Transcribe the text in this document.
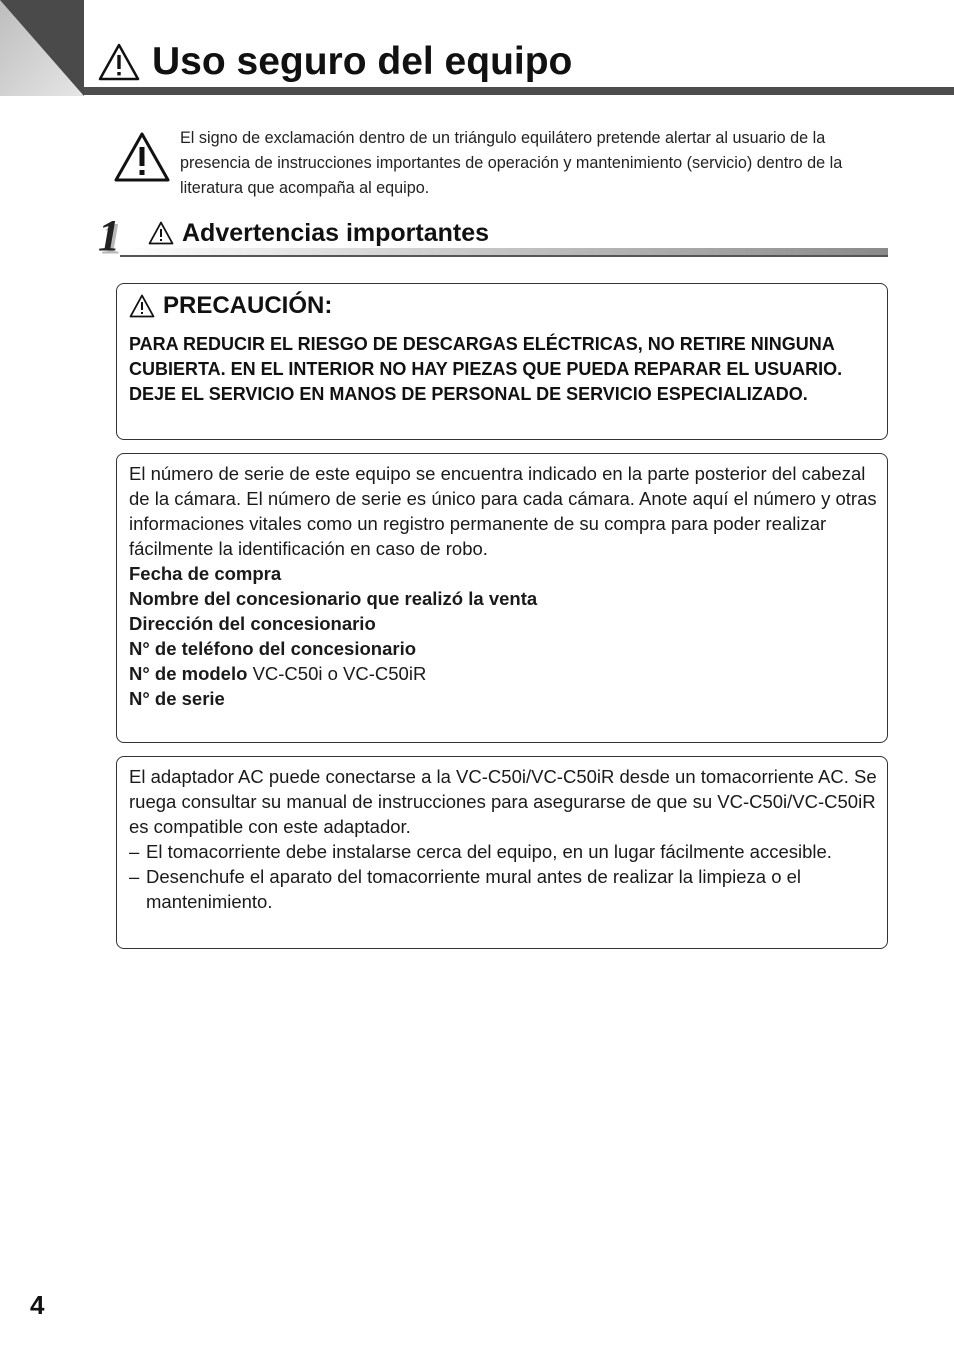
Uso seguro del equipo

El signo de exclamación dentro de un triángulo equilátero pretende alertar al usuario de la presencia de instrucciones importantes de operación y mantenimiento (servicio) dentro de la literatura que acompaña al equipo.

1	Advertencias importantes
PRECAUCIÓN:

PARA REDUCIR EL RIESGO DE DESCARGAS ELÉCTRICAS, NO RETIRE NINGUNA CUBIERTA. EN EL INTERIOR NO HAY PIEZAS QUE PUEDA REPARAR EL USUARIO. DEJE EL SERVICIO EN MANOS DE PERSONAL DE SERVICIO ESPECIALIZADO.

El número de serie de este equipo se encuentra indicado en la parte posterior del cabezal de la cámara. El número de serie es único para cada cámara. Anote aquí el número y otras informaciones vitales como un registro permanente de su compra para poder realizar fácilmente la identificación en caso de robo.

Fecha de compra
Nombre del concesionario que realizó la venta
Dirección del concesionario
N° de teléfono del concesionario
N° de modelo VC-C50i o VC-C50iR
N° de serie

El adaptador AC puede conectarse a la VC-C50i/VC-C50iR desde un tomacorriente AC. Se ruega consultar su manual de instrucciones para asegurarse de que su VC-C50i/VC-C50iR es compatible con este adaptador.

– El tomacorriente debe instalarse cerca del equipo, en un lugar fácilmente accesible.
– Desenchufe el aparato del tomacorriente mural antes de realizar la limpieza o el mantenimiento.
4
